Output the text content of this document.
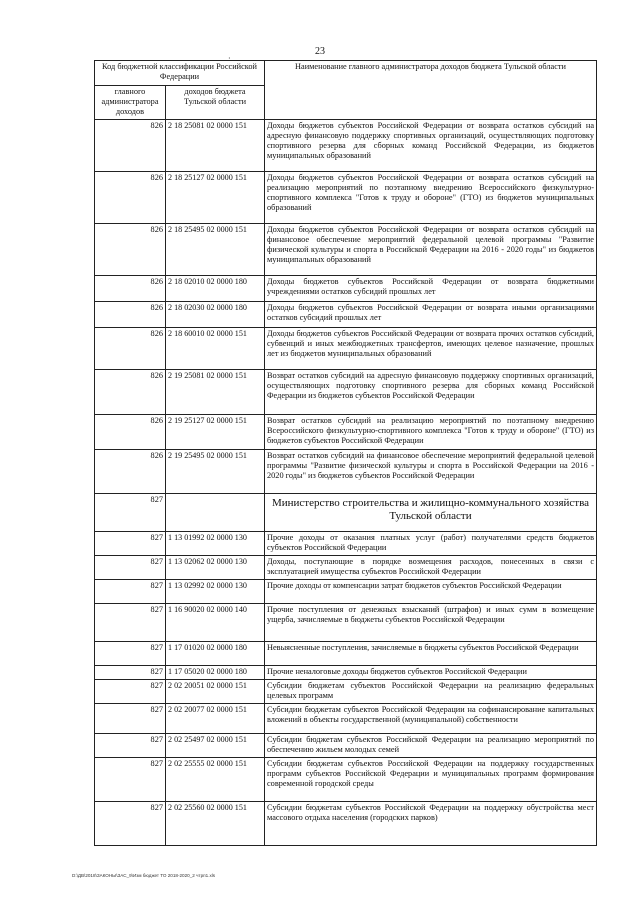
23
·
Код бюджетной классификации Российской Федерации		Наименование главного администратора доходов бюджета Тульской области
главного администратора доходов	доходов бюджета Тульской области	
826	2 18 25081 02 0000 151	Доходы бюджетов субъектов Российской Федерации от возврата остатков субсидий на адресную финансовую поддержку спортивных организаций, осуществляющих подготовку спортивного резерва для сборных команд Российской Федерации, из бюджетов муниципальных образований
826	2 18 25127 02 0000 151	Доходы бюджетов субъектов Российской Федерации от возврата остатков субсидий на реализацию мероприятий по поэтапному внедрению Всероссийского физкультурно-спортивного комплекса "Готов к труду и обороне" (ГТО) из бюджетов муниципальных образований
826	2 18 25495 02 0000 151	Доходы бюджетов субъектов Российской Федерации от возврата остатков субсидий на финансовое обеспечение мероприятий федеральной целевой программы "Развитие физической культуры и спорта в Российской Федерации на 2016 - 2020 годы" из бюджетов муниципальных образований
826	2 18 02010 02 0000 180	Доходы бюджетов субъектов Российской Федерации от возврата бюджетными учреждениями остатков субсидий прошлых лет
826	2 18 02030 02 0000 180	Доходы бюджетов субъектов Российской Федерации от возврата иными организациями остатков субсидий прошлых лет
826	2 18 60010 02 0000 151	Доходы бюджетов субъектов Российской Федерации от возврата прочих остатков субсидий, субвенций и иных межбюджетных трансфертов, имеющих целевое назначение, прошлых лет из бюджетов муниципальных образований
826	2 19 25081 02 0000 151	Возврат остатков субсидий на адресную финансовую поддержку спортивных организаций, осуществляющих подготовку спортивного резерва для сборных команд Российской Федерации из бюджетов субъектов Российской Федерации
826	2 19 25127 02 0000 151	Возврат остатков субсидий на реализацию мероприятий по поэтапному внедрению Всероссийского физкультурно-спортивного комплекса "Готов к труду и обороне" (ГТО) из бюджетов субъектов Российской Федерации
826	2 19 25495 02 0000 151	Возврат остатков субсидий на финансовое обеспечение мероприятий федеральной целевой программы "Развитие физической культуры и спорта в Российской Федерации на 2016 - 2020 годы" из бюджетов субъектов Российской Федерации
827		Министерство строительства и жилищно-коммунального хозяйства Тульской области
827	1 13 01992 02 0000 130	Прочие доходы от оказания платных услуг (работ) получателями средств бюджетов субъектов Российской Федерации
827	1 13 02062 02 0000 130	Доходы, поступающие в порядке возмещения расходов, понесенных в связи с эксплуатацией имущества субъектов Российской Федерации
827	1 13 02992 02 0000 130	Прочие доходы от компенсации затрат бюджетов субъектов Российской Федерации
827	1 16 90020 02 0000 140	Прочие поступления от денежных взысканий (штрафов) и иных сумм в возмещение ущерба, зачисляемые в бюджеты субъектов Российской Федерации
827	1 17 01020 02 0000 180	Невыясненные поступления, зачисляемые в бюджеты субъектов Российской Федерации
827	1 17 05020 02 0000 180	Прочие неналоговые доходы бюджетов субъектов Российской Федерации
827	2 02 20051 02 0000 151	Субсидии бюджетам субъектов Российской Федерации на реализацию федеральных целевых программ
827	2 02 20077 02 0000 151	Субсидии бюджетам субъектов Российской Федерации на софинансирование капитальных вложений в объекты государственной (муниципальной) собственности
827	2 02 25497 02 0000 151	Субсидии бюджетам субъектов Российской Федерации на реализацию мероприятий по обеспечению жильем молодых семей
827	2 02 25555 02 0000 151	Субсидии бюджетам субъектов Российской Федерации на поддержку государственных программ субъектов Российской Федерации и муниципальных программ формирования современной городской среды
827	2 02 25560 02 0000 151	Субсидии бюджетам субъектов Российской Федерации на поддержку обустройства мест массового отдыха населения (городских парков)
D:\ДВ\2018\ЗАКОНЫ\ЗАС_9\Изм бюджет ТО 2018-2020_2 чтрп1.xls
